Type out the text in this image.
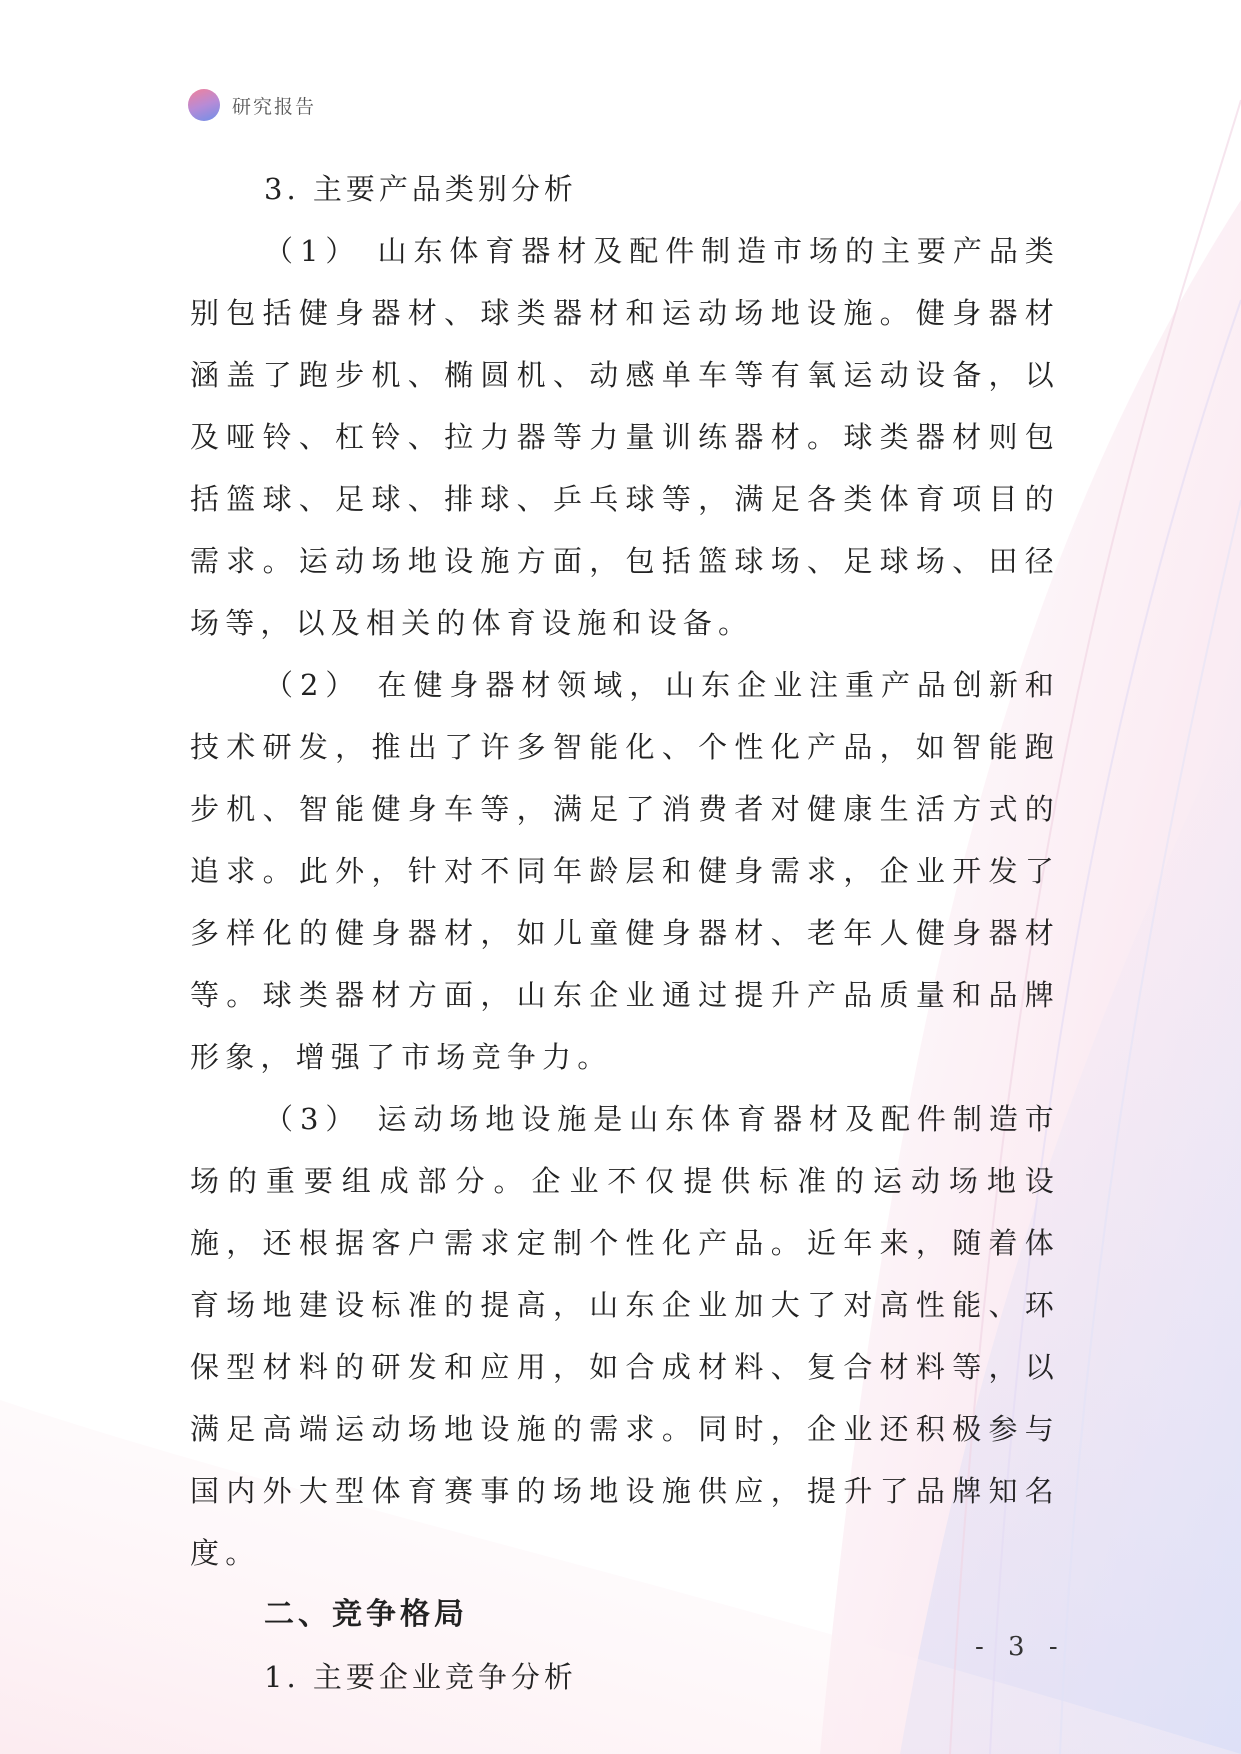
研究报告

3. 主要产品类别分析

（1） 山东体育器材及配件制造市场的主要产品类别包括健身器材、球类器材和运动场地设施。健身器材涵盖了跑步机、椭圆机、动感单车等有氧运动设备，以及哑铃、杠铃、拉力器等力量训练器材。球类器材则包括篮球、足球、排球、乒乓球等，满足各类体育项目的需求。运动场地设施方面，包括篮球场、足球场、田径场等，以及相关的体育设施和设备。

（2） 在健身器材领域，山东企业注重产品创新和技术研发，推出了许多智能化、个性化产品，如智能跑步机、智能健身车等，满足了消费者对健康生活方式的追求。此外，针对不同年龄层和健身需求，企业开发了多样化的健身器材，如儿童健身器材、老年人健身器材等。球类器材方面，山东企业通过提升产品质量和品牌形象，增强了市场竞争力。

（3） 运动场地设施是山东体育器材及配件制造市场的重要组成部分。企业不仅提供标准的运动场地设施，还根据客户需求定制个性化产品。近年来，随着体育场地建设标准的提高，山东企业加大了对高性能、环保型材料的研发和应用，如合成材料、复合材料等，以满足高端运动场地设施的需求。同时，企业还积极参与国内外大型体育赛事的场地设施供应，提升了品牌知名度。

二、竞争格局

1. 主要企业竞争分析

- 3 -
